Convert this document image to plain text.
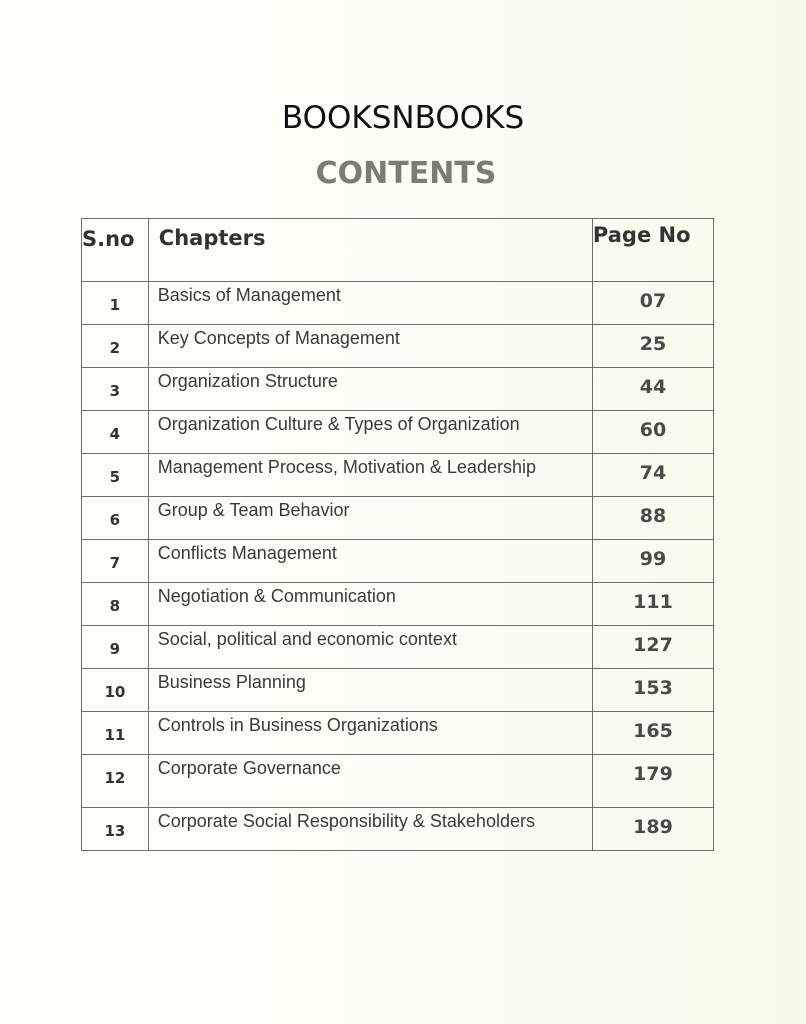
BOOKSNBOOKS
CONTENTS
S.no	Chapters	Page No

1	Basics of Management	07

2	Key Concepts of Management	25

3	Organization Structure	44

4	Organization Culture & Types of Organization	60

5	Management Process, Motivation & Leadership	74

6	Group & Team Behavior	88

7	Conflicts Management	99

8	Negotiation & Communication	111

9	Social, political and economic context	127

10	Business Planning	153

11	Controls in Business Organizations	165

12	Corporate Governance	179

13	Corporate Social Responsibility & Stakeholders	189
